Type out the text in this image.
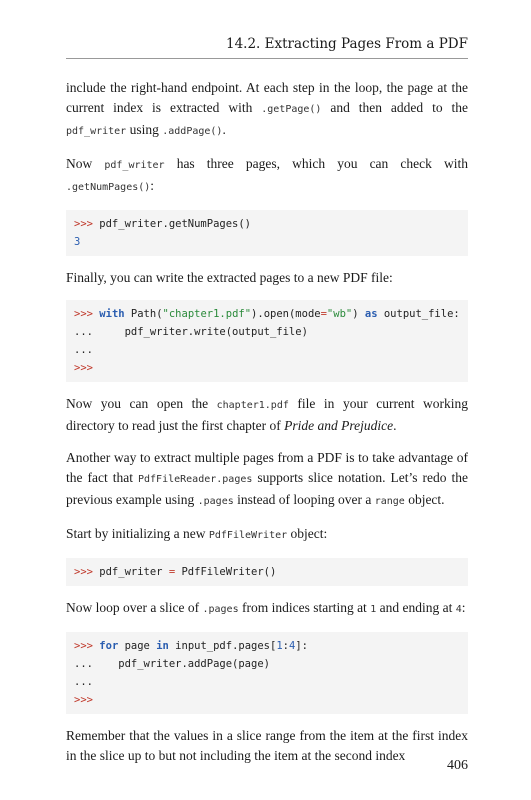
14.2. Extracting Pages From a PDF

include the right-hand endpoint. At each step in the loop, the page at the current index is extracted with .getPage() and then added to the pdf_writer using .addPage().

Now pdf_writer has three pages, which you can check with .getNumPages():

>>> pdf_writer.getNumPages()
3

Finally, you can write the extracted pages to a new PDF file:

>>> with Path("chapter1.pdf").open(mode="wb") as output_file:
...     pdf_writer.write(output_file)
...
>>>

Now you can open the chapter1.pdf file in your current working directory to read just the first chapter of Pride and Prejudice.

Another way to extract multiple pages from a PDF is to take advantage of the fact that PdfFileReader.pages supports slice notation. Let’s redo the previous example using .pages instead of looping over a range object.

Start by initializing a new PdfFileWriter object:

>>> pdf_writer = PdfFileWriter()

Now loop over a slice of .pages from indices starting at 1 and ending at 4:

>>> for page in input_pdf.pages[1:4]:
...    pdf_writer.addPage(page)
...
>>>

Remember that the values in a slice range from the item at the first index in the slice up to but not including the item at the second index

406
